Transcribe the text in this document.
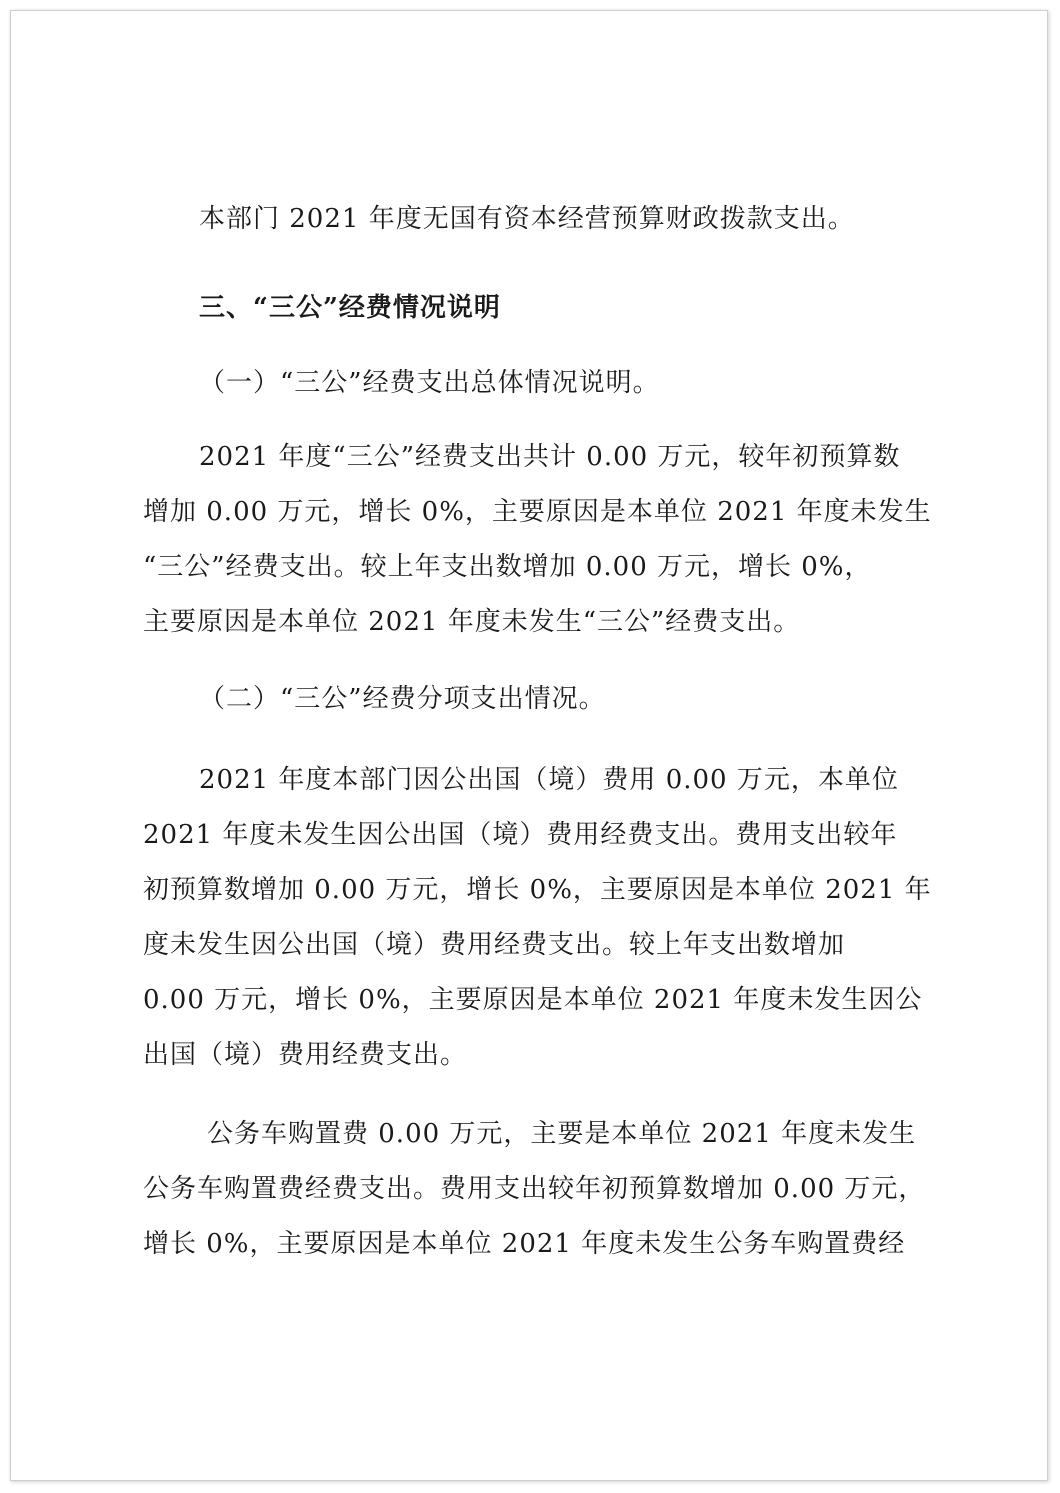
本部门 2021 年度无国有资本经营预算财政拨款支出。
三、“三公”经费情况说明
（一）“三公”经费支出总体情况说明。
2021 年度“三公”经费支出共计 0.00 万元，较年初预算数
增加 0.00 万元，增长 0%，主要原因是本单位 2021 年度未发生
“三公”经费支出。较上年支出数增加 0.00 万元，增长 0%，
主要原因是本单位 2021 年度未发生“三公”经费支出。
（二）“三公”经费分项支出情况。
2021 年度本部门因公出国（境）费用 0.00 万元，本单位
2021 年度未发生因公出国（境）费用经费支出。费用支出较年
初预算数增加 0.00 万元，增长 0%，主要原因是本单位 2021 年
度未发生因公出国（境）费用经费支出。较上年支出数增加
0.00 万元，增长 0%，主要原因是本单位 2021 年度未发生因公
出国（境）费用经费支出。
公务车购置费 0.00 万元，主要是本单位 2021 年度未发生
公务车购置费经费支出。费用支出较年初预算数增加 0.00 万元，
增长 0%，主要原因是本单位 2021 年度未发生公务车购置费经
